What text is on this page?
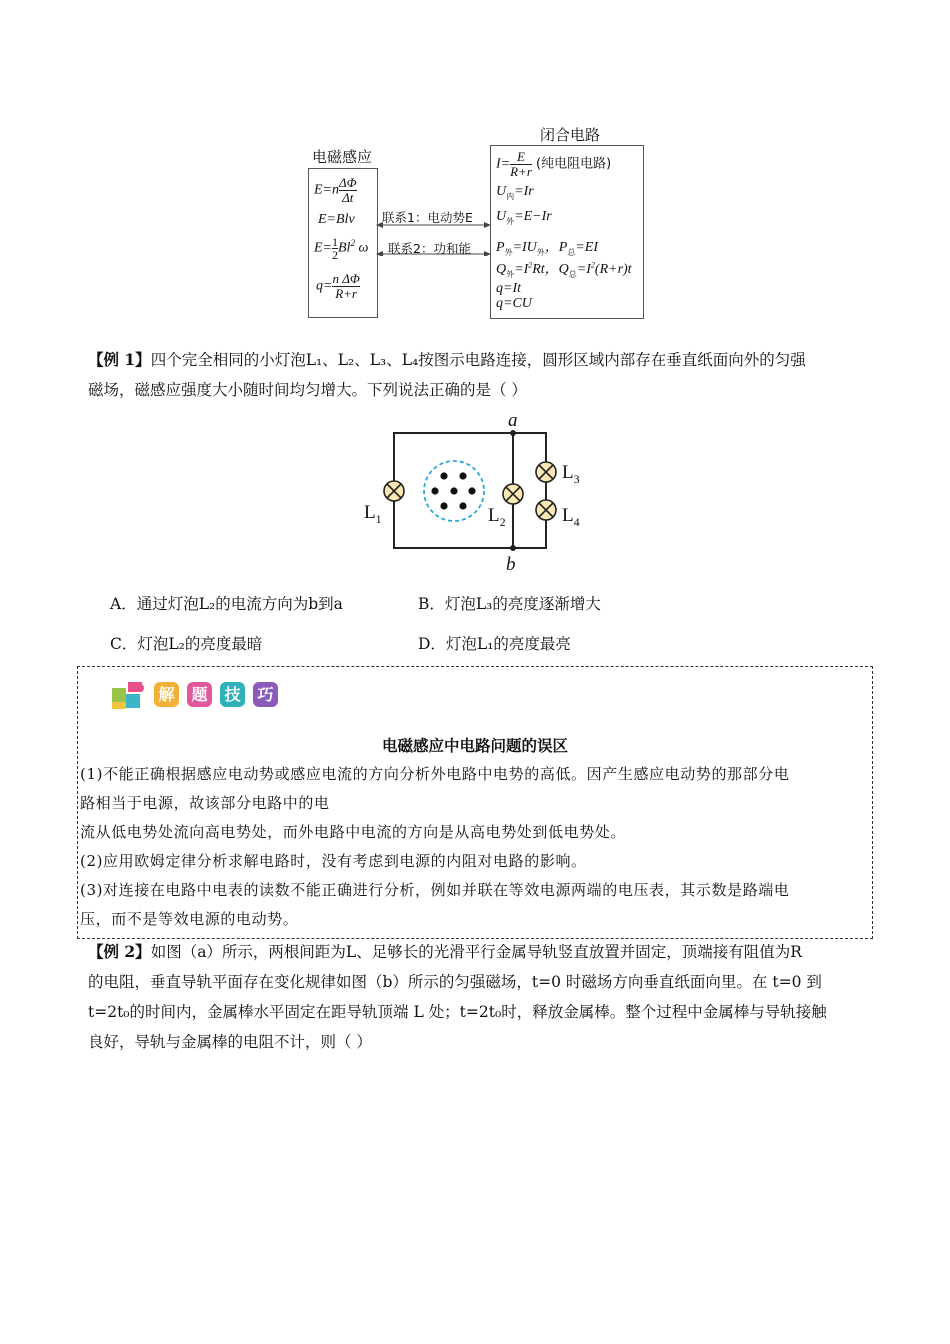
电磁感应
$E=n \frac{\Delta\Phi}{\Delta t}$
E=Blv
$E= \frac{1}{2} Bl^2$ ω
$q= \frac{\text{n ΔΦ}}{R+r}$
联系1：电动势E
联系2：功和能
闭合电路
$I= \frac{E}{R+r}$ (纯电阻电路)
$U_内=Ir$
$U_外=E-Ir$
$P_外=IU_外$，$P_总=EI$
$Q_外=I^2Rt$，$Q_总=I^2(R+r)t$
q=It
q=CU
【例 1】四个完全相同的小灯泡L₁、L₂、L₃、L₄按图示电路连接，圆形区域内部存在垂直纸面向外的匀强
磁场，磁感应强度大小随时间均匀增大。下列说法正确的是（ ）
a
b
$L_1$	$L_2$
$L_3$
$L_4$
A．通过灯泡L₂的电流方向为b到a	B．灯泡L₃的亮度逐渐增大
C．灯泡L₂的亮度最暗	D．灯泡L₁的亮度最亮
解 题 技 巧
电磁感应中电路问题的误区
(1)不能正确根据感应电动势或感应电流的方向分析外电路中电势的高低。因产生感应电动势的那部分电
路相当于电源，故该部分电路中的电
流从低电势处流向高电势处，而外电路中电流的方向是从高电势处到低电势处。
(2)应用欧姆定律分析求解电路时，没有考虑到电源的内阻对电路的影响。
(3)对连接在电路中电表的读数不能正确进行分析，例如并联在等效电源两端的电压表，其示数是路端电
压，而不是等效电源的电动势。
【例 2】如图（a）所示，两根间距为L、足够长的光滑平行金属导轨竖直放置并固定，顶端接有阻值为R
的电阻，垂直导轨平面存在变化规律如图（b）所示的匀强磁场，t=0 时磁场方向垂直纸面向里。在 t=0 到
t=2t₀的时间内，金属棒水平固定在距导轨顶端 L 处；t=2t₀时，释放金属棒。整个过程中金属棒与导轨接触
良好，导轨与金属棒的电阻不计，则（ ）
